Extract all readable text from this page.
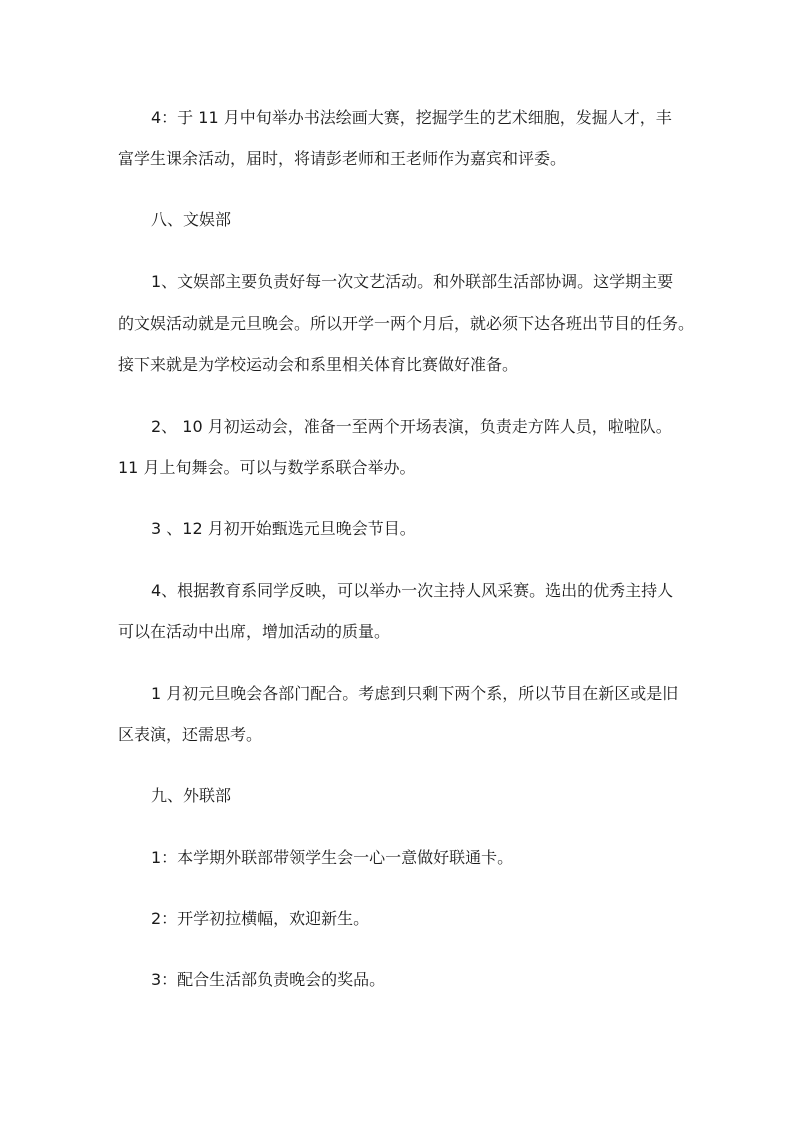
4：于 11 月中旬举办书法绘画大赛，挖掘学生的艺术细胞，发掘人才，丰
富学生课余活动，届时，将请彭老师和王老师作为嘉宾和评委。
八、文娱部
1、文娱部主要负责好每一次文艺活动。和外联部生活部协调。这学期主要
的文娱活动就是元旦晚会。所以开学一两个月后，就必须下达各班出节目的任务。
接下来就是为学校运动会和系里相关体育比赛做好准备。
2、 10 月初运动会，准备一至两个开场表演，负责走方阵人员，啦啦队。
11 月上旬舞会。可以与数学系联合举办。
3 、12 月初开始甄选元旦晚会节目。
4、根据教育系同学反映，可以举办一次主持人风采赛。选出的优秀主持人
可以在活动中出席，增加活动的质量。
1 月初元旦晚会各部门配合。考虑到只剩下两个系，所以节目在新区或是旧
区表演，还需思考。
九、外联部
1：本学期外联部带领学生会一心一意做好联通卡。
2：开学初拉横幅，欢迎新生。
3：配合生活部负责晚会的奖品。
